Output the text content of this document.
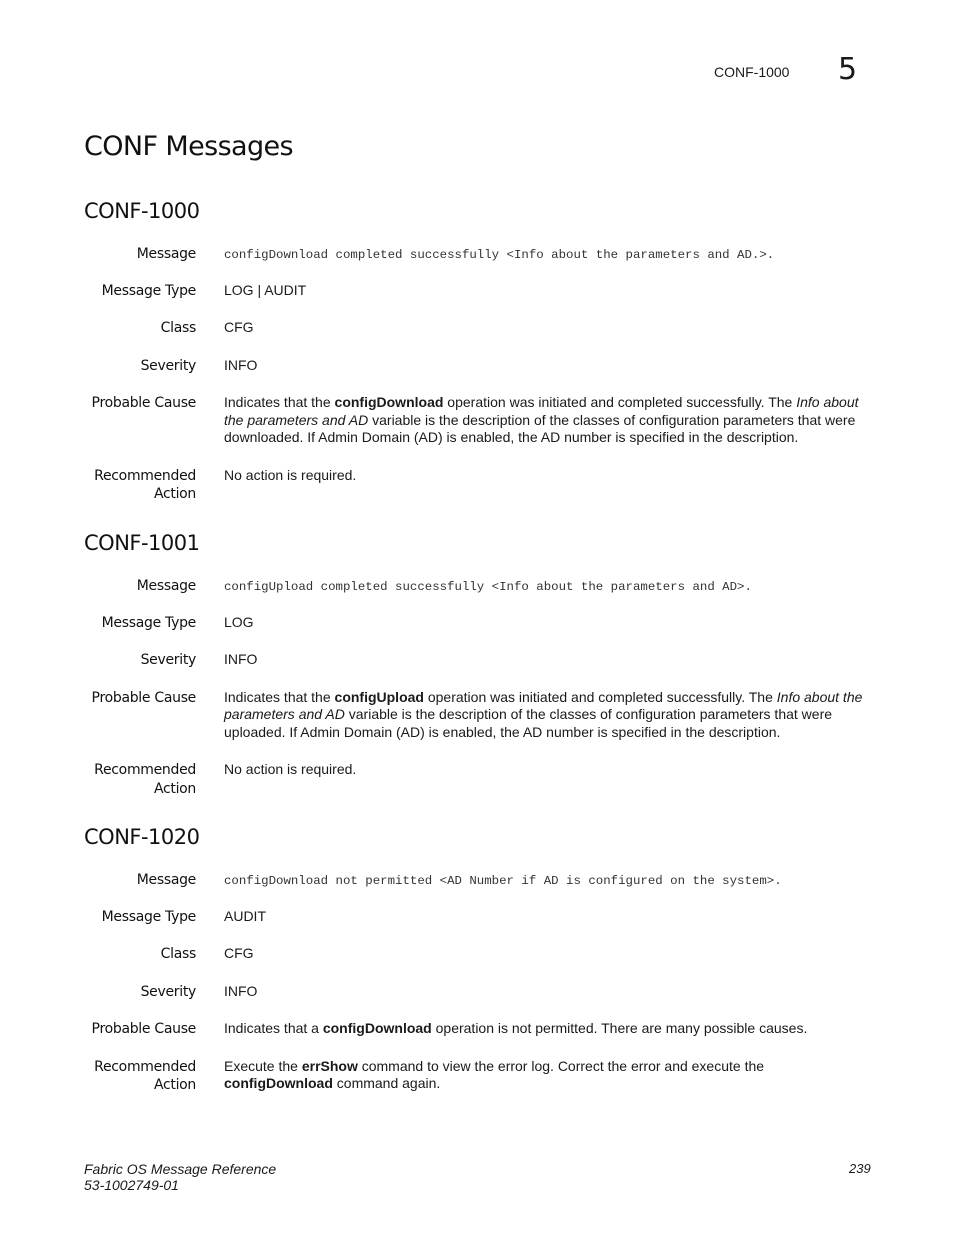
CONF-1000 5
CONF Messages
CONF-1000
Message configDownload completed successfully <Info about the parameters and AD.>.
Message Type LOG | AUDIT
Class CFG
Severity INFO
Probable Cause Indicates that the configDownload operation was initiated and completed successfully. The Info about the parameters and AD variable is the description of the classes of configuration parameters that were downloaded. If Admin Domain (AD) is enabled, the AD number is specified in the description.
Recommended
Action
No action is required.
CONF-1001
Message configUpload completed successfully <Info about the parameters and AD>.
Message Type LOG
Severity INFO
Probable Cause Indicates that the configUpload operation was initiated and completed successfully. The Info about the parameters and AD variable is the description of the classes of configuration parameters that were uploaded. If Admin Domain (AD) is enabled, the AD number is specified in the description.
Recommended
Action
No action is required.
CONF-1020
Message configDownload not permitted <AD Number if AD is configured on the system>.
Message Type AUDIT
Class CFG
Severity INFO
Probable Cause Indicates that a configDownload operation is not permitted. There are many possible causes.
Recommended
Action
Execute the errShow command to view the error log. Correct the error and execute the configDownload command again.
Fabric OS Message Reference
53-1002749-01
239
